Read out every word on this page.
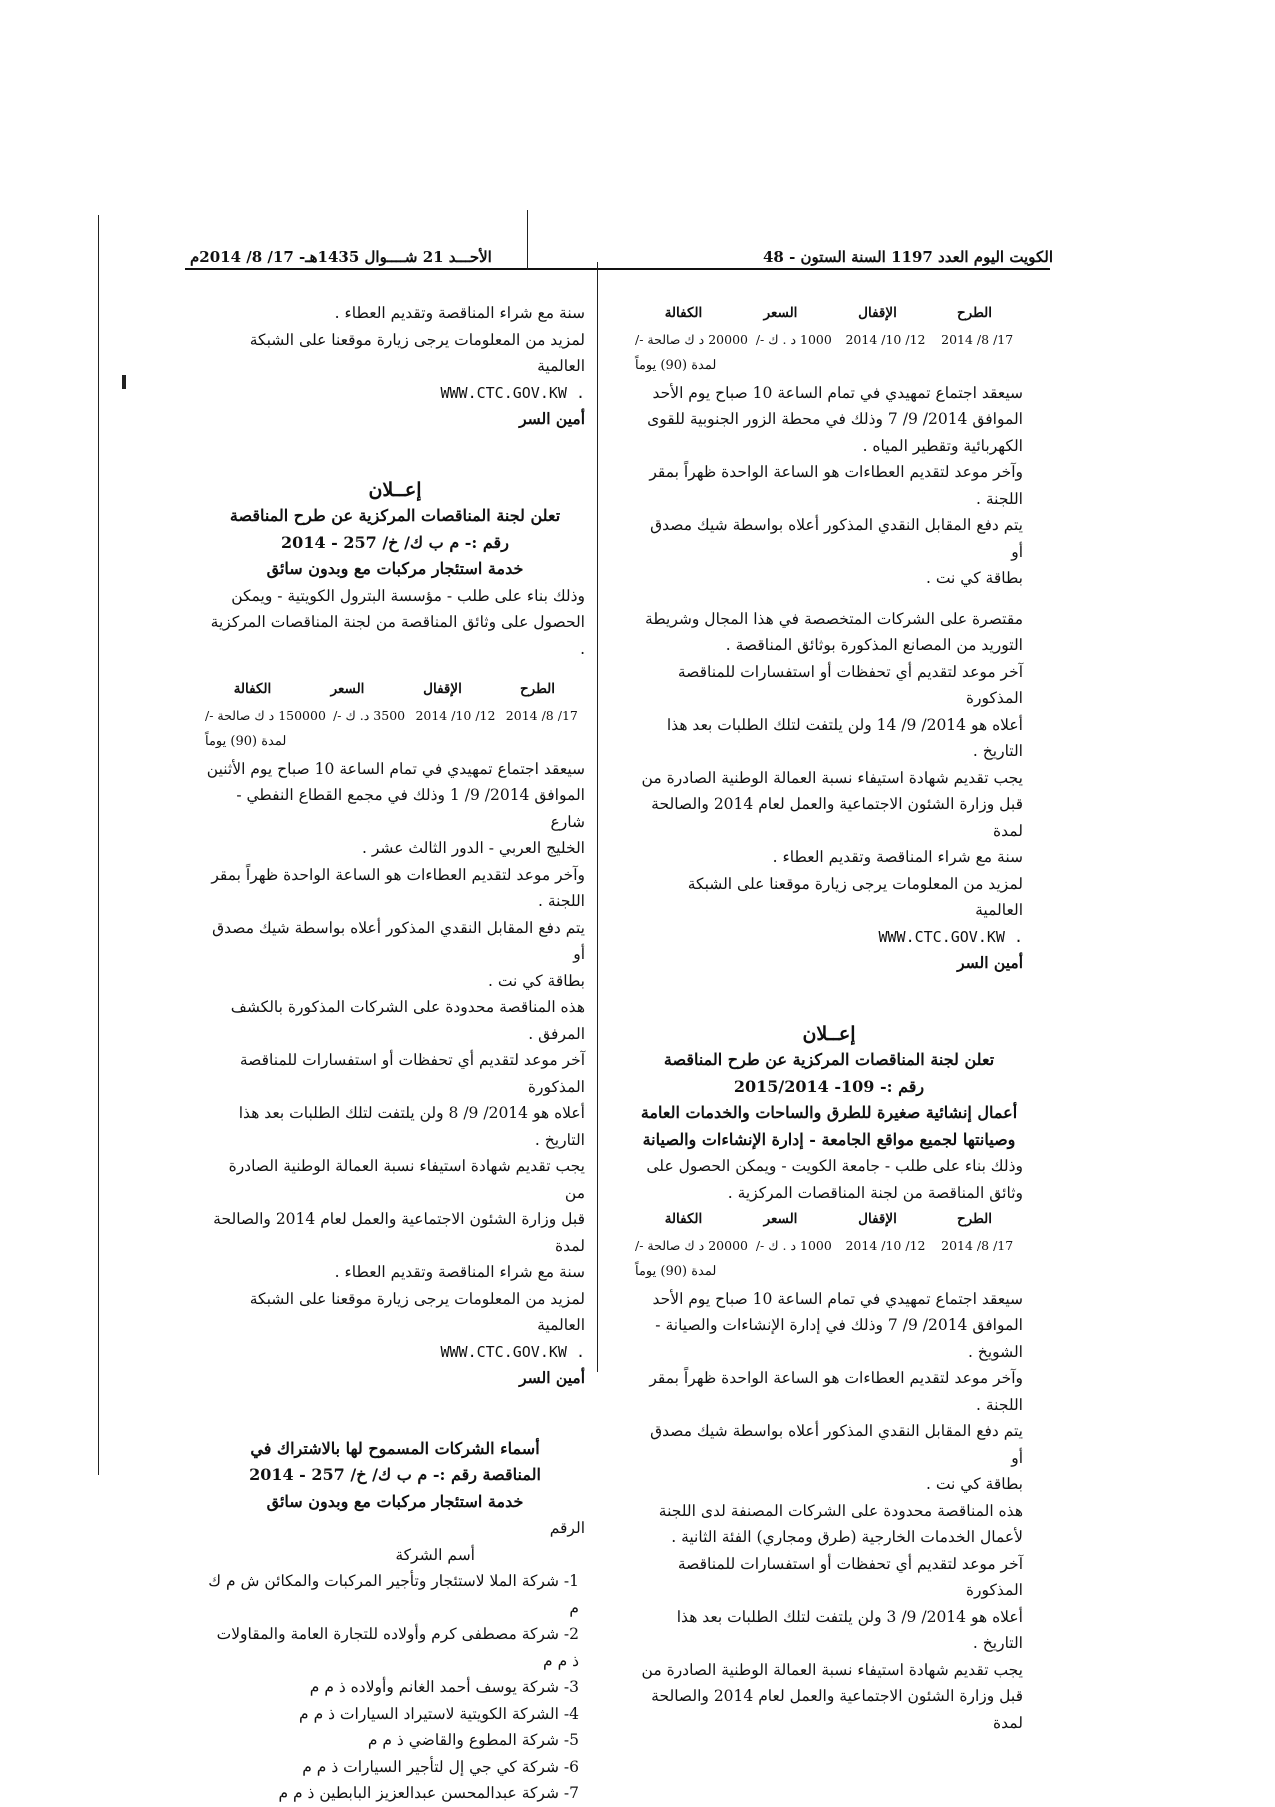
الكويت اليوم العدد 1197 السنة الستون - 48
الأحـــد 21 شــــوال 1435هـ- 17/ 8/ 2014م
الطرح
الإقفال
السعر
الكفالة
17/ 8/ 2014
12/ 10/ 2014
1000 د . ك -/
20000 د ك صالحة -/

لمدة (90) يوماً

سيعقد اجتماع تمهيدي في تمام الساعة 10 صباح يوم الأحد

الموافق 2014/ 9/ 7 وذلك في محطة الزور الجنوبية للقوى

الكهربائية وتقطير المياه .

وآخر موعد لتقديم العطاءات هو الساعة الواحدة ظهراً بمقر اللجنة .

يتم دفع المقابل النقدي المذكور أعلاه بواسطة شيك مصدق أو

بطاقة كي نت .

مقتصرة على الشركات المتخصصة في هذا المجال وشريطة

التوريد من المصانع المذكورة بوثائق المناقصة .

آخر موعد لتقديم أي تحفظات أو استفسارات للمناقصة المذكورة

أعلاه هو 2014/ 9/ 14 ولن يلتفت لتلك الطلبات بعد هذا التاريخ .

يجب تقديم شهادة استيفاء نسبة العمالة الوطنية الصادرة من

قبل وزارة الشئون الاجتماعية والعمل لعام 2014 والصالحة لمدة

سنة مع شراء المناقصة وتقديم العطاء .

لمزيد من المعلومات يرجى زيارة موقعنا على الشبكة العالمية

WWW.CTC.GOV.KW .

أمين السر

إعــلان

تعلن لجنة المناقصات المركزية عن طرح المناقصة

رقم :- 109- 2015/2014

أعمال إنشائية صغيرة للطرق والساحات والخدمات العامة

وصيانتها لجميع مواقع الجامعة - إدارة الإنشاءات والصيانة

وذلك بناء على طلب - جامعة الكويت - ويمكن الحصول على

وثائق المناقصة من لجنة المناقصات المركزية .

الطرح
الإقفال
السعر
الكفالة
17/ 8/ 2014
12/ 10/ 2014
1000 د . ك -/
20000 د ك صالحة -/

لمدة (90) يوماً

سيعقد اجتماع تمهيدي في تمام الساعة 10 صباح يوم الأحد

الموافق 2014/ 9/ 7 وذلك في إدارة الإنشاءات والصيانة -

الشويخ .

وآخر موعد لتقديم العطاءات هو الساعة الواحدة ظهراً بمقر اللجنة .

يتم دفع المقابل النقدي المذكور أعلاه بواسطة شيك مصدق أو

بطاقة كي نت .

هذه المناقصة محدودة على الشركات المصنفة لدى اللجنة

لأعمال الخدمات الخارجية (طرق ومجاري) الفئة الثانية .

آخر موعد لتقديم أي تحفظات أو استفسارات للمناقصة المذكورة

أعلاه هو 2014/ 9/ 3 ولن يلتفت لتلك الطلبات بعد هذا التاريخ .

يجب تقديم شهادة استيفاء نسبة العمالة الوطنية الصادرة من

قبل وزارة الشئون الاجتماعية والعمل لعام 2014 والصالحة لمدة

سنة مع شراء المناقصة وتقديم العطاء .

لمزيد من المعلومات يرجى زيارة موقعنا على الشبكة العالمية

WWW.CTC.GOV.KW .

أمين السر

إعــلان

تعلن لجنة المناقصات المركزية عن طرح المناقصة

رقم :- م ب ك/ خ/ 257 - 2014

خدمة استئجار مركبات مع وبدون سائق

وذلك بناء على طلب - مؤسسة البترول الكويتية - ويمكن

الحصول على وثائق المناقصة من لجنة المناقصات المركزية .

الطرح
الإقفال
السعر
الكفالة
17/ 8/ 2014
12/ 10/ 2014
3500 د. ك -/
150000 د ك صالحة -/

لمدة (90) يوماً

سيعقد اجتماع تمهيدي في تمام الساعة 10 صباح يوم الأثنين

الموافق 2014/ 9/ 1 وذلك في مجمع القطاع النفطي - شارع

الخليج العربي - الدور الثالث عشر .

وآخر موعد لتقديم العطاءات هو الساعة الواحدة ظهراً بمقر اللجنة .

يتم دفع المقابل النقدي المذكور أعلاه بواسطة شيك مصدق أو

بطاقة كي نت .

هذه المناقصة محدودة على الشركات المذكورة بالكشف المرفق .

آخر موعد لتقديم أي تحفظات أو استفسارات للمناقصة المذكورة

أعلاه هو 2014/ 9/ 8 ولن يلتفت لتلك الطلبات بعد هذا التاريخ .

يجب تقديم شهادة استيفاء نسبة العمالة الوطنية الصادرة من

قبل وزارة الشئون الاجتماعية والعمل لعام 2014 والصالحة لمدة

سنة مع شراء المناقصة وتقديم العطاء .

لمزيد من المعلومات يرجى زيارة موقعنا على الشبكة العالمية

WWW.CTC.GOV.KW .

أمين السر

أسماء الشركات المسموح لها بالاشتراك في

المناقصة رقم :- م ب ك/ خ/ 257 - 2014

خدمة استئجار مركبات مع وبدون سائق

الرقم

أسم الشركة

1- شركة الملا لاستئجار وتأجير المركبات والمكائن ش م ك م

2- شركة مصطفى كرم وأولاده للتجارة العامة والمقاولات ذ م م

3- شركة يوسف أحمد الغانم وأولاده ذ م م

4- الشركة الكويتية لاستيراد السيارات ذ م م

5- شركة المطوع والقاضي ذ م م

6- شركة كي جي إل لتأجير السيارات ذ م م

7- شركة عبدالمحسن عبدالعزيز البابطين ذ م م
